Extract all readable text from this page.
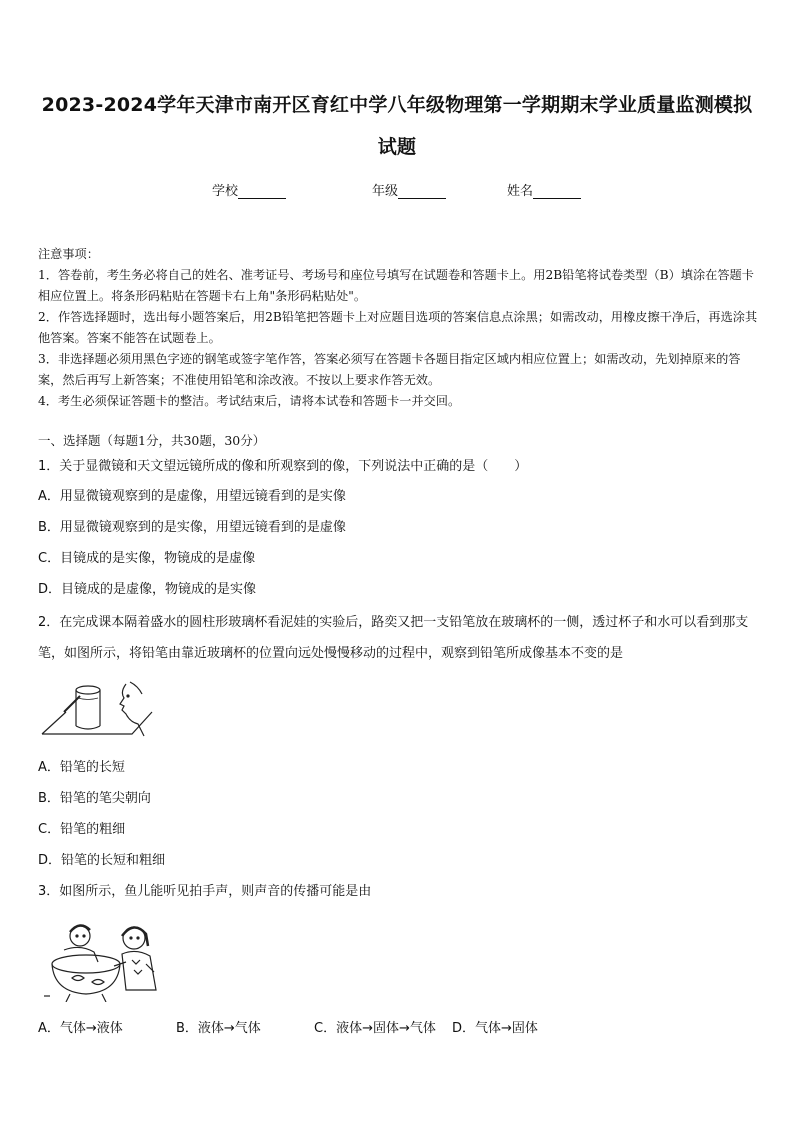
2023-2024学年天津市南开区育红中学八年级物理第一学期期末学业质量监测模拟试题
学校	年级	姓名

注意事项：

1．答卷前，考生务必将自己的姓名、准考证号、考场号和座位号填写在试题卷和答题卡上。用2B铅笔将试卷类型（B）填涂在答题卡相应位置上。将条形码粘贴在答题卡右上角"条形码粘贴处"。

2．作答选择题时，选出每小题答案后，用2B铅笔把答题卡上对应题目选项的答案信息点涂黑；如需改动，用橡皮擦干净后，再选涂其他答案。答案不能答在试题卷上。

3．非选择题必须用黑色字迹的钢笔或签字笔作答，答案必须写在答题卡各题目指定区域内相应位置上；如需改动，先划掉原来的答案，然后再写上新答案；不准使用铅笔和涂改液。不按以上要求作答无效。

4．考生必须保证答题卡的整洁。考试结束后，请将本试卷和答题卡一并交回。

一、选择题（每题1分，共30题，30分）
1．关于显微镜和天文望远镜所成的像和所观察到的像，下列说法中正确的是（　　）
A．用显微镜观察到的是虚像，用望远镜看到的是实像
B．用显微镜观察到的是实像，用望远镜看到的是虚像
C．目镜成的是实像，物镜成的是虚像
D．目镜成的是虚像，物镜成的是实像
2．在完成课本隔着盛水的圆柱形玻璃杯看泥娃的实验后，路奕又把一支铅笔放在玻璃杯的一侧，透过杯子和水可以看到那支笔，如图所示，将铅笔由靠近玻璃杯的位置向远处慢慢移动的过程中，观察到铅笔所成像基本不变的是
A．铅笔的长短
B．铅笔的笔尖朝向
C．铅笔的粗细
D．铅笔的长短和粗细
3．如图所示，鱼儿能听见拍手声，则声音的传播可能是由
A．气体→液体	B．液体→气体	C．液体→固体→气体 D．气体→固体
